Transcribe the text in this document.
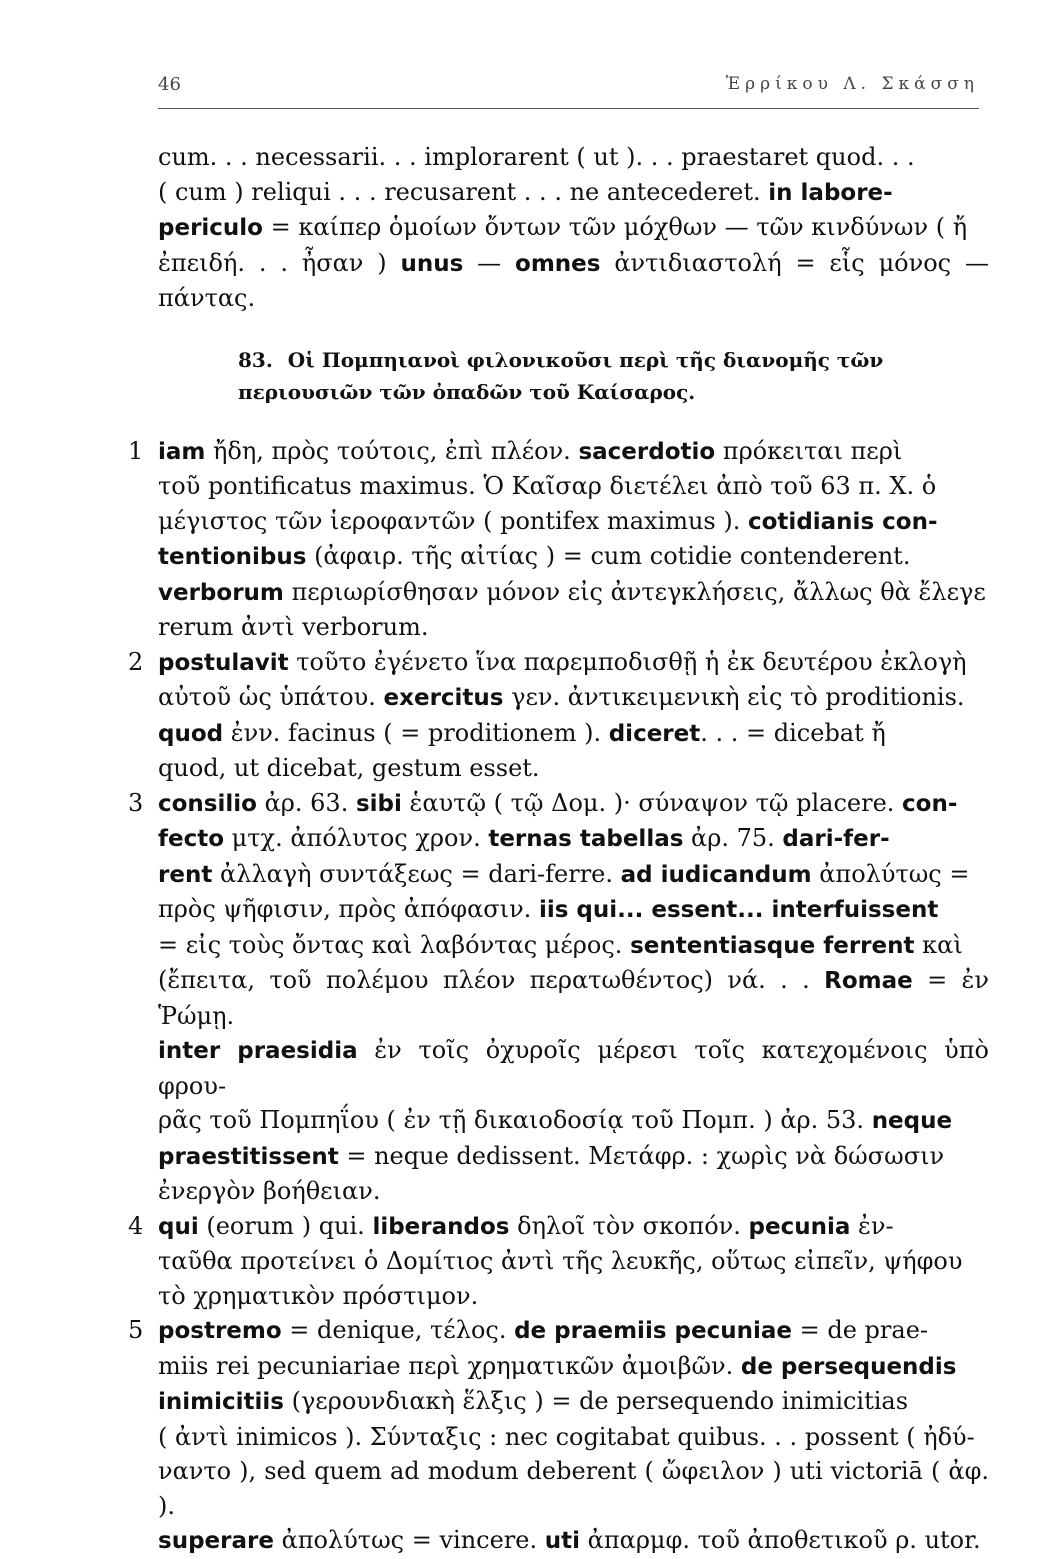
46	Ἐρρίκου Λ. Σκάσση

cum. . . necessarii. . . implorarent ( ut ). . . praestaret quod. . .
( cum ) reliqui . . . recusarent . . . ne antecederet. in labore-
periculo = καίπερ ὁμοίων ὄντων τῶν μόχθων — τῶν κινδύνων ( ἤ
ἐπειδή. . . ἦσαν ) unus — omnes ἀντιδιαστολή = εἷς μόνος — πάντας.

83. Οἱ Πομπηιανοὶ φιλονικοῦσι περὶ τῆς διανομῆς τῶν
περιουσιῶν τῶν ὀπαδῶν τοῦ Καίσαρος.
1 iam ἤδη, πρὸς τούτοις, ἐπὶ πλέον. sacerdotio πρόκειται περὶ
τοῦ pontificatus maximus. Ὁ Καῖσαρ διετέλει ἀπὸ τοῦ 63 π. Χ. ὁ
μέγιστος τῶν ἱεροφαντῶν ( pontifex maximus ). cotidianis con-
tentionibus (ἀφαιρ. τῆς αἰτίας ) = cum cotidie contenderent.
verborum περιωρίσθησαν μόνον εἰς ἀντεγκλήσεις, ἄλλως θὰ ἔλεγε
rerum ἀντὶ verborum.

2 postulavit τοῦτο ἐγένετο ἵνα παρεμποδισθῇ ἡ ἐκ δευτέρου ἐκλογὴ
αὐτοῦ ὡς ὑπάτου. exercitus γεν. ἀντικειμενικὴ εἰς τὸ proditionis.
quod ἐνν. facinus ( = proditionem ). diceret. . . = dicebat ἤ
quod, ut dicebat, gestum esset.

3 consilio ἀρ. 63. sibi ἑαυτῷ ( τῷ Δομ. )· σύναψον τῷ placere. con-
fecto μτχ. ἀπόλυτος χρον. ternas tabellas ἀρ. 75. dari-fer-
rent ἀλλαγὴ συντάξεως = dari-ferre. ad iudicandum ἀπολύτως =
πρὸς ψῆφισιν, πρὸς ἀπόφασιν. iis qui... essent... interfuissent
= εἰς τοὺς ὄντας καὶ λαβόντας μέρος. sententiasque ferrent καὶ
(ἔπειτα, τοῦ πολέμου πλέον περατωθέντος) νά. . . Romae = ἐν Ῥώμῃ.
inter praesidia ἐν τοῖς ὀχυροῖς μέρεσι τοῖς κατεχομένοις ὑπὸ φρου-
ρᾶς τοῦ Πομπηΐου ( ἐν τῇ δικαιοδοσίᾳ τοῦ Πομπ. ) ἀρ. 53. neque
praestitissent = neque dedissent. Μετάφρ. : χωρὶς νὰ δώσωσιν
ἐνεργὸν βοήθειαν.

4 qui (eorum ) qui. liberandos δηλοῖ τὸν σκοπόν. pecunia ἐν-
ταῦθα προτείνει ὁ Δομίτιος ἀντὶ τῆς λευκῆς, οὕτως εἰπεῖν, ψήφου
τὸ χρηματικὸν πρόστιμον.

5 postremo = denique, τέλος. de praemiis pecuniae = de prae-
miis rei pecuniariae περὶ χρηματικῶν ἀμοιβῶν. de persequendis
inimicitiis (γερουνδιακὴ ἕλξις ) = de persequendo inimicitias
( ἀντὶ inimicos ). Σύνταξις : nec cogitabat quibus. . . possent ( ἠδύ-
ναντο ), sed quem ad modum deberent ( ὤφειλον ) uti victoriā ( ἀφ. ).
superare ἀπολύτως = vincere. uti ἀπαρμφ. τοῦ ἀποθετικοῦ ρ. utor.
